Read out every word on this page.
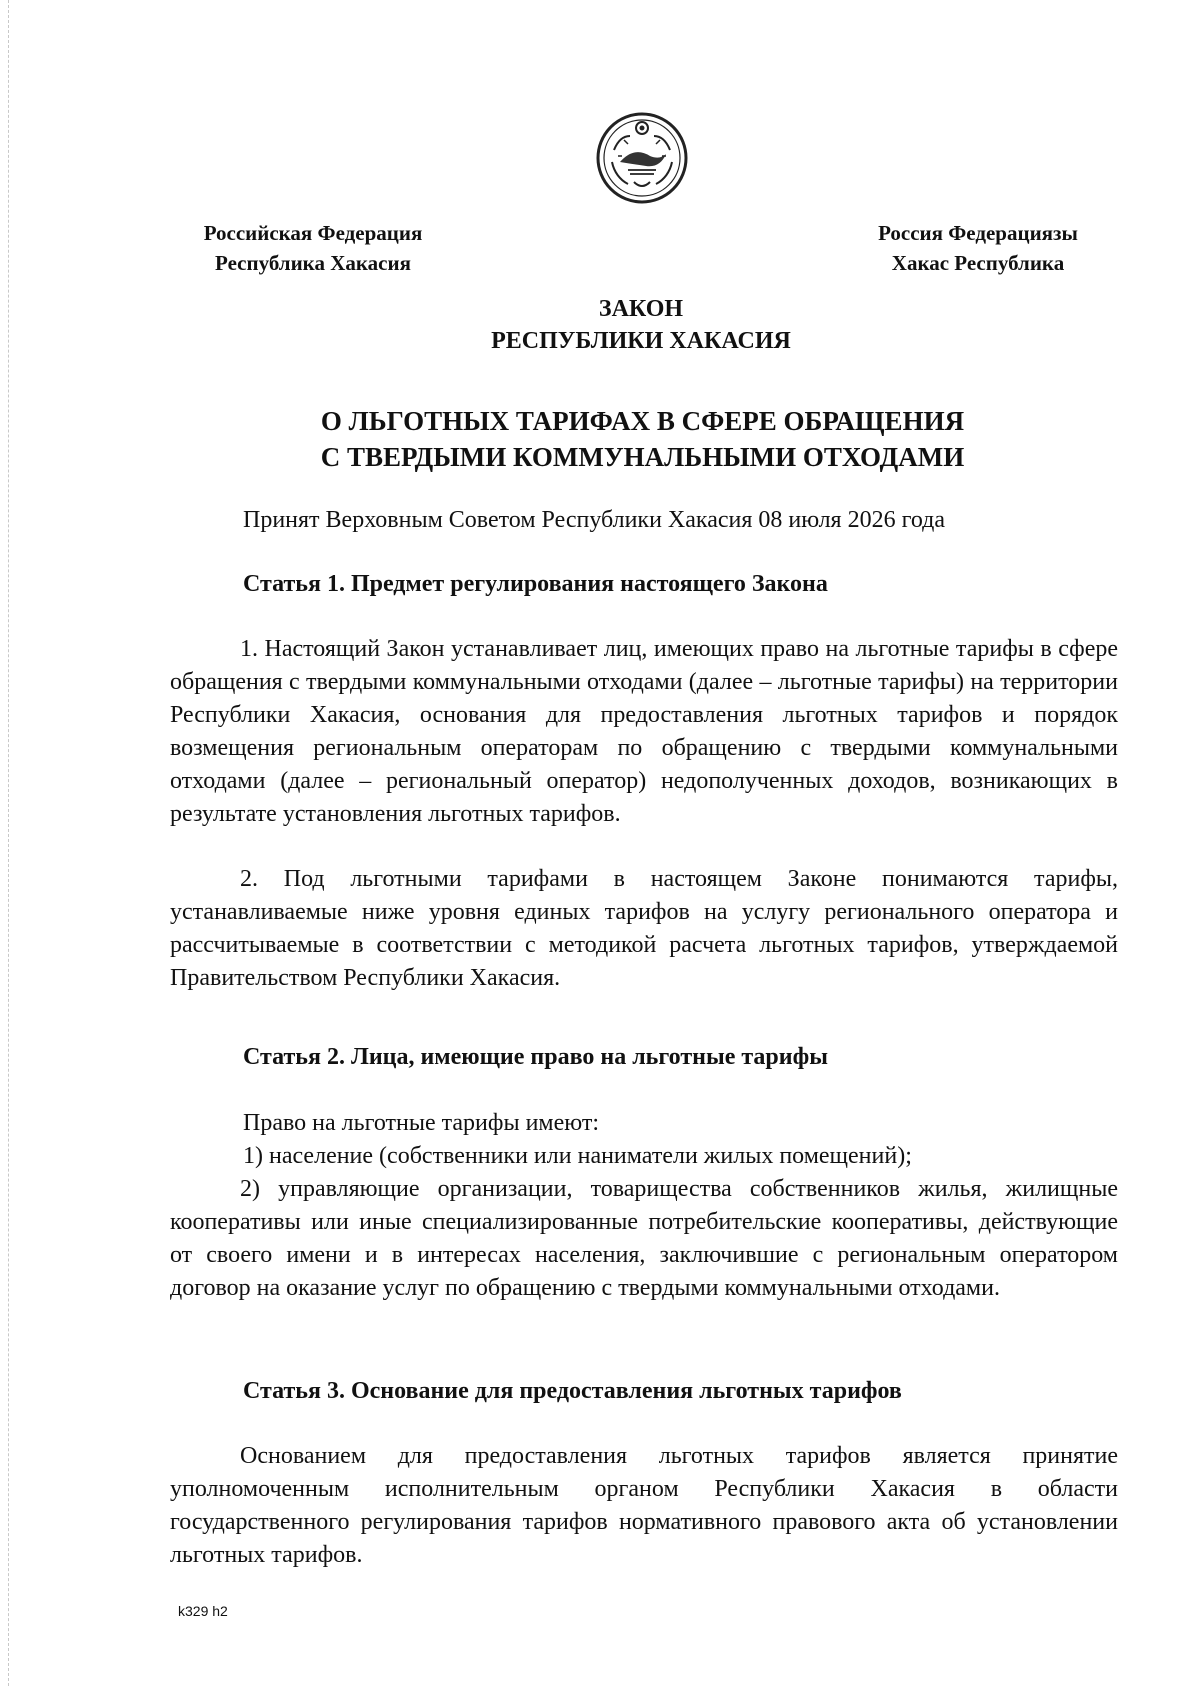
Российская Федерация
Республика Хакасия
Россия Федерациязы
Хакас Республика
ЗАКОН
РЕСПУБЛИКИ ХАКАСИЯ
О ЛЬГОТНЫХ ТАРИФАХ В СФЕРЕ ОБРАЩЕНИЯ
С ТВЕРДЫМИ КОММУНАЛЬНЫМИ ОТХОДАМИ
Принят Верховным Советом Республики Хакасия 08 июля 2026 года
Статья 1. Предмет регулирования настоящего Закона

1. Настоящий Закон устанавливает лиц, имеющих право на льготные тарифы в сфере обращения с твердыми коммунальными отходами (далее – льготные тарифы) на территории Республики Хакасия, основания для предоставления льготных тарифов и порядок возмещения региональным операторам по обращению с твердыми коммунальными отходами (далее – региональный оператор) недополученных доходов, возникающих в результате установления льготных тарифов.

2. Под льготными тарифами в настоящем Законе понимаются тарифы, устанавливаемые ниже уровня единых тарифов на услугу регионального оператора и рассчитываемые в соответствии с методикой расчета льготных тарифов, утверждаемой Правительством Республики Хакасия.

Статья 2. Лица, имеющие право на льготные тарифы
Право на льготные тарифы имеют:
1) население (собственники или наниматели жилых помещений);

2) управляющие организации, товарищества собственников жилья, жилищные кооперативы или иные специализированные потребительские кооперативы, действующие от своего имени и в интересах населения, заключившие с региональным оператором договор на оказание услуг по обращению с твердыми коммунальными отходами.

Статья 3. Основание для предоставления льготных тарифов

Основанием для предоставления льготных тарифов является принятие уполномоченным исполнительным органом Республики Хакасия в области государственного регулирования тарифов нормативного правового акта об установлении льготных тарифов.

k329 h2
